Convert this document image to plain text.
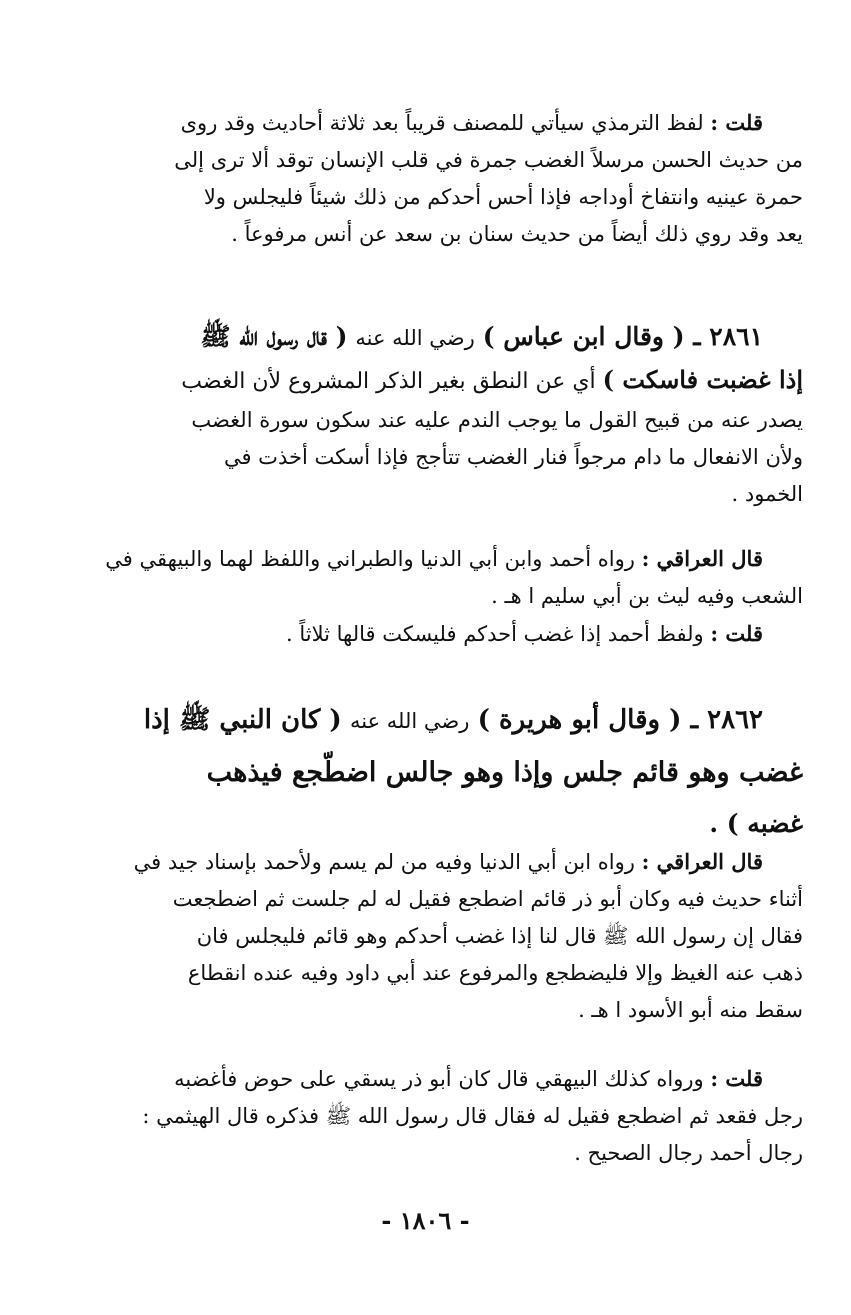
قلت : لفظ الترمذي سيأتي للمصنف قريباً بعد ثلاثة أحاديث وقد روى
من حديث الحسن مرسلاً الغضب جمرة في قلب الإنسان توقد ألا ترى إلى
حمرة عينيه وانتفاخ أوداجه فإذا أحس أحدكم من ذلك شيئاً فليجلس ولا
يعد وقد روي ذلك أيضاً من حديث سنان بن سعد عن أنس مرفوعاً .
٢٨٦١ ـ ( وقال ابن عباس ) رضي الله عنه ( قال رسول الله ﷺ
إذا غضبت فاسكت ) أي عن النطق بغير الذكر المشروع لأن الغضب
يصدر عنه من قبيح القول ما يوجب الندم عليه عند سكون سورة الغضب
ولأن الانفعال ما دام مرجواً فنار الغضب تتأجج فإذا أسكت أخذت في
الخمود .
قال العراقي : رواه أحمد وابن أبي الدنيا والطبراني واللفظ لهما والبيهقي في
الشعب وفيه ليث بن أبي سليم ا هـ .
قلت : ولفظ أحمد إذا غضب أحدكم فليسكت قالها ثلاثاً .
٢٨٦٢ ـ ( وقال أبو هريرة ) رضي الله عنه ( كان النبي ﷺ إذا
غضب وهو قائم جلس وإذا وهو جالس اضطّجع فيذهب
غضبه ) .
قال العراقي : رواه ابن أبي الدنيا وفيه من لم يسم ولأحمد بإسناد جيد في
أثناء حديث فيه وكان أبو ذر قائم اضطجع فقيل له لم جلست ثم اضطجعت
فقال إن رسول الله ﷺ قال لنا إذا غضب أحدكم وهو قائم فليجلس فان
ذهب عنه الغيظ وإلا فليضطجع والمرفوع عند أبي داود وفيه عنده انقطاع
سقط منه أبو الأسود ا هـ .
قلت : ورواه كذلك البيهقي قال كان أبو ذر يسقي على حوض فأغضبه
رجل فقعد ثم اضطجع فقيل له فقال قال رسول الله ﷺ فذكره قال الهيثمي :
رجال أحمد رجال الصحيح .
- ١٨٠٦ -
